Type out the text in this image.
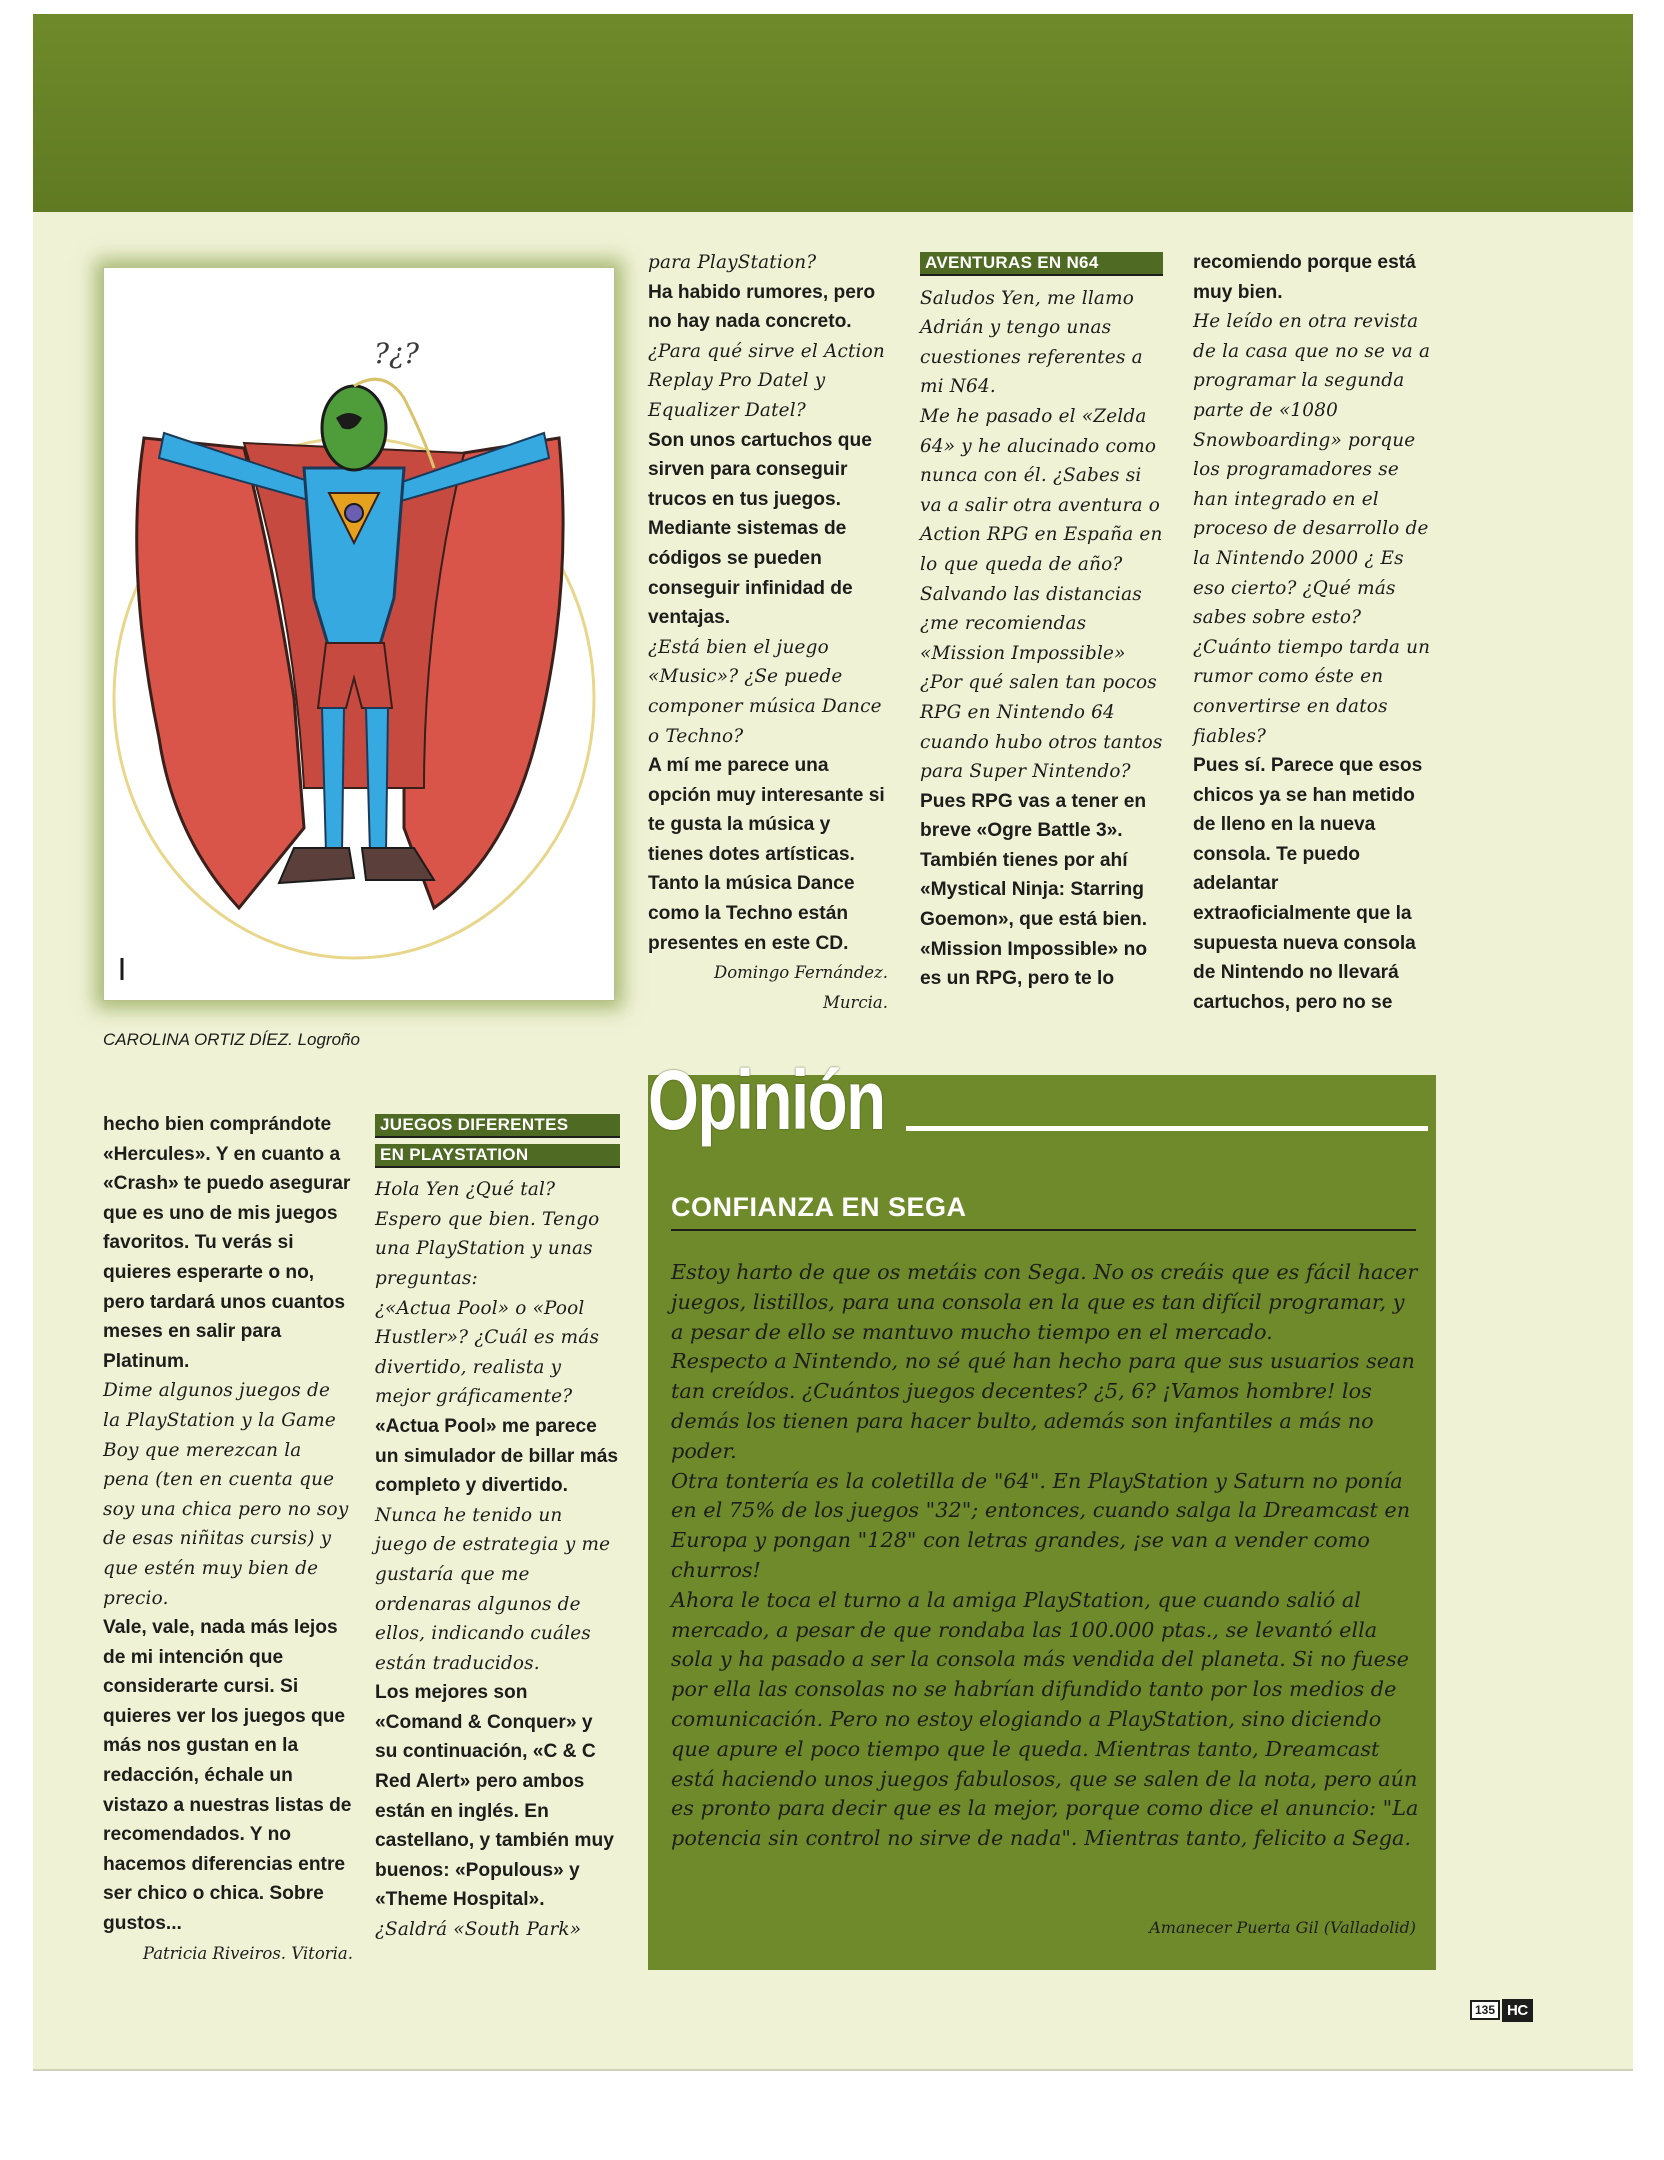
?¿?
CAROLINA ORTIZ DÍEZ. Logroño

para PlayStation?

Ha habido rumores, pero no hay nada concreto.

¿Para qué sirve el Action Replay Pro Datel y Equalizer Datel?

Son unos cartuchos que sirven para conseguir trucos en tus juegos. Mediante sistemas de códigos se pueden conseguir infinidad de ventajas.

¿Está bien el juego «Music»? ¿Se puede componer música Dance o Techno?

A mí me parece una opción muy interesante si te gusta la música y tienes dotes artísticas. Tanto la música Dance como la Techno están presentes en este CD.

Domingo Fernández.

Murcia.

AVENTURAS EN N64

Saludos Yen, me llamo Adrián y tengo unas cuestiones referentes a mi N64.

Me he pasado el «Zelda 64» y he alucinado como nunca con él. ¿Sabes si va a salir otra aventura o Action RPG en España en lo que queda de año? Salvando las distancias ¿me recomiendas «Mission Impossible»

¿Por qué salen tan pocos RPG en Nintendo 64 cuando hubo otros tantos para Super Nintendo?

Pues RPG vas a tener en breve «Ogre Battle 3». También tienes por ahí «Mystical Ninja: Starring Goemon», que está bien. «Mission Impossible» no es un RPG, pero te lo

recomiendo porque está muy bien.

He leído en otra revista de la casa que no se va a programar la segunda parte de «1080 Snowboarding» porque los programadores se han integrado en el proceso de desarrollo de la Nintendo 2000 ¿ Es eso cierto? ¿Qué más sabes sobre esto? ¿Cuánto tiempo tarda un rumor como éste en convertirse en datos fiables?

Pues sí. Parece que esos chicos ya se han metido de lleno en la nueva consola. Te puedo adelantar extraoficialmente que la supuesta nueva consola de Nintendo no llevará cartuchos, pero no se

hecho bien comprándote «Hercules». Y en cuanto a «Crash» te puedo asegurar que es uno de mis juegos favoritos. Tu verás si quieres esperarte o no, pero tardará unos cuantos meses en salir para Platinum.

Dime algunos juegos de la PlayStation y la Game Boy que merezcan la pena (ten en cuenta que soy una chica pero no soy de esas niñitas cursis) y que estén muy bien de precio.

Vale, vale, nada más lejos de mi intención que considerarte cursi. Si quieres ver los juegos que más nos gustan en la redacción, échale un vistazo a nuestras listas de recomendados. Y no hacemos diferencias entre ser chico o chica. Sobre gustos...

Patricia Riveiros. Vitoria.

JUEGOS DIFERENTES
EN PLAYSTATION

Hola Yen ¿Qué tal? Espero que bien. Tengo una PlayStation y unas preguntas:

¿«Actua Pool» o «Pool Hustler»? ¿Cuál es más divertido, realista y mejor gráficamente?

«Actua Pool» me parece un simulador de billar más completo y divertido.

Nunca he tenido un juego de estrategia y me gustaría que me ordenaras algunos de ellos, indicando cuáles están traducidos.

Los mejores son «Comand & Conquer» y su continuación, «C & C Red Alert» pero ambos están en inglés. En castellano, y también muy buenos: «Populous» y «Theme Hospital».

¿Saldrá «South Park»

Opinión
CONFIANZA EN SEGA

Estoy harto de que os metáis con Sega. No os creáis que es fácil hacer juegos, listillos, para una consola en la que es tan difícil programar, y a pesar de ello se mantuvo mucho tiempo en el mercado.

Respecto a Nintendo, no sé qué han hecho para que sus usuarios sean tan creídos. ¿Cuántos juegos decentes? ¿5, 6? ¡Vamos hombre! los demás los tienen para hacer bulto, además son infantiles a más no poder.

Otra tontería es la coletilla de "64". En PlayStation y Saturn no ponía en el 75% de los juegos "32"; entonces, cuando salga la Dreamcast en Europa y pongan "128" con letras grandes, ¡se van a vender como churros!

Ahora le toca el turno a la amiga PlayStation, que cuando salió al mercado, a pesar de que rondaba las 100.000 ptas., se levantó ella sola y ha pasado a ser la consola más vendida del planeta. Si no fuese por ella las consolas no se habrían difundido tanto por los medios de comunicación. Pero no estoy elogiando a PlayStation, sino diciendo que apure el poco tiempo que le queda. Mientras tanto, Dreamcast está haciendo unos juegos fabulosos, que se salen de la nota, pero aún es pronto para decir que es la mejor, porque como dice el anuncio: "La potencia sin control no sirve de nada". Mientras tanto, felicito a Sega.

Amanecer Puerta Gil (Valladolid)
135 HC
